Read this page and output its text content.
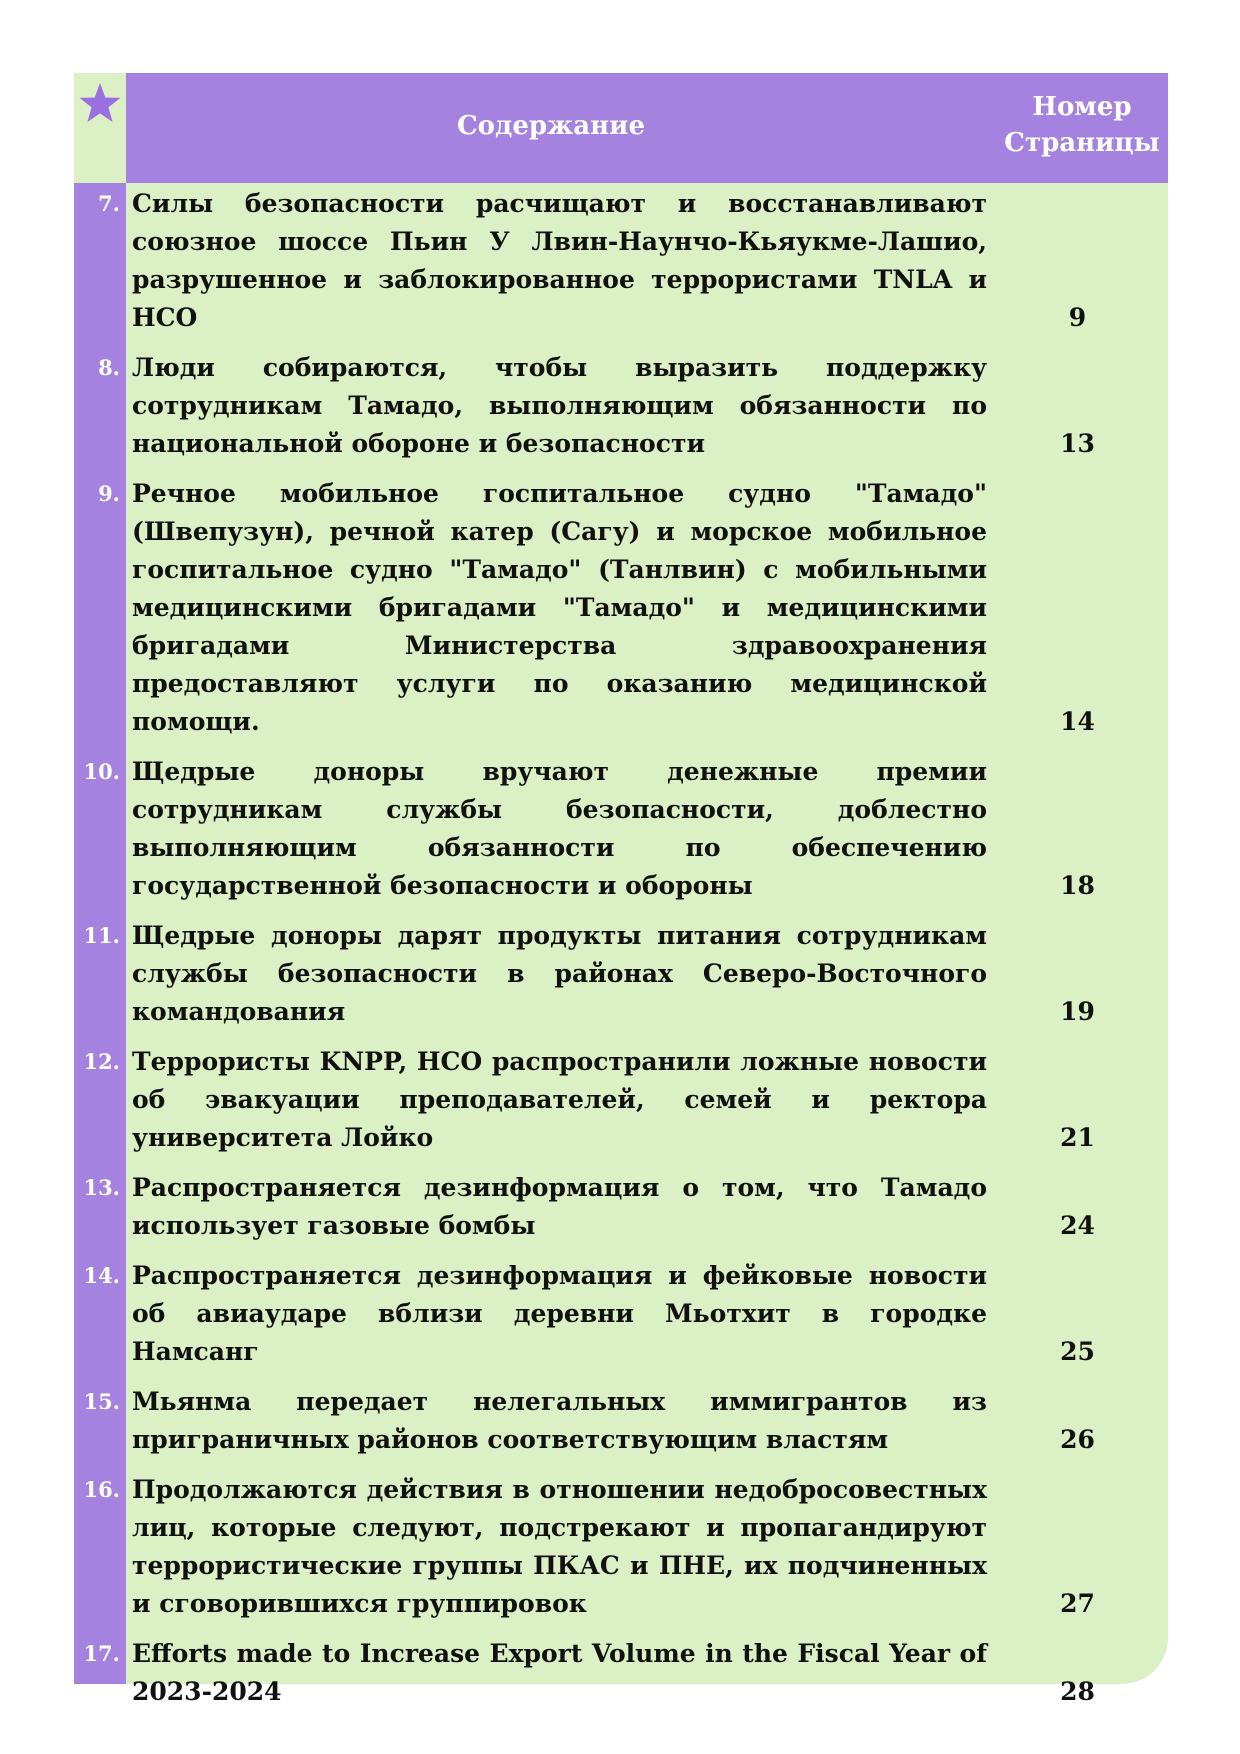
Содержание
Номер
Страницы
7. Силы безопасности расчищают и восстанавливают союзное шоссе Пьин У Лвин-Наунчо-Кьяукме-Лашио, разрушенное и заблокированное террористами TNLA и НСО	9
8. Люди собираются, чтобы выразить поддержку сотрудникам Тамадо, выполняющим обязанности по национальной обороне и безопасности	13
9. Речное мобильное госпитальное судно "Тамадо" (Швепузун), речной катер (Сагу) и морское мобильное госпитальное судно "Тамадо" (Танлвин) с мобильными медицинскими бригадами "Тамадо" и медицинскими бригадами Министерства здравоохранения предоставляют услуги по оказанию медицинской помощи.	14
10. Щедрые доноры вручают денежные премии сотрудникам службы безопасности, доблестно выполняющим обязанности по обеспечению государственной безопасности и обороны	18
11. Щедрые доноры дарят продукты питания сотрудникам службы безопасности в районах Северо-Восточного командования	19
12. Террористы KNPP, НСО распространили ложные новости об эвакуации преподавателей, семей и ректора университета Лойко	21
13. Распространяется дезинформация о том, что Тамадо использует газовые бомбы	24
14. Распространяется дезинформация и фейковые новости об авиаударе вблизи деревни Мьотхит в городке Намсанг	25
15. Мьянма передает нелегальных иммигрантов из приграничных районов соответствующим властям	26
16. Продолжаются действия в отношении недобросовестных лиц, которые следуют, подстрекают и пропагандируют террористические группы ПКАС и ПНЕ, их подчиненных и сговорившихся группировок	27
17. Efforts made to Increase Export Volume in the Fiscal Year of 2023-2024	28
